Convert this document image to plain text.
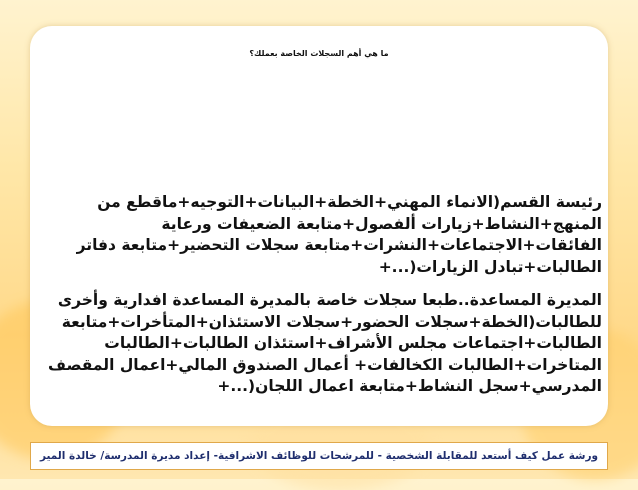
ما هي أهم السجلات الخاصة بعملك؟
رئيسة القسم(الانماء المهني+الخطة+البيانات+التوجيه+ماقطع من
المنهج+النشاط+زيارات ألفصول+متابعة الضعيفات ورعاية
الفائقات+الاجتماعات+النشرات+متابعة سجلات التحضير+متابعة دفاتر
الطالبات+تبادل الزيارات(...+
المديرة المساعدة..طبعا سجلات خاصة بالمديرة المساعدة افدارية وأخرى
للطالبات(الخطة+سجلات الحضور+سجلات الاستئذان+المتأخرات+متابعة
الطالبات+اجتماعات مجلس الأشراف+استئذان الطالبات+الطالبات
المتاخرات+الطالبات الكخالفات+ أعمال الصندوق المالي+اعمال المقصف
المدرسي+سجل النشاط+متابعة اعمال اللجان(...+
ورشة عمل كيف أستعد للمقابلة الشخصية - للمرشحات للوظائف الاشرافية- إعداد مديرة المدرسة/ خالدة المير
